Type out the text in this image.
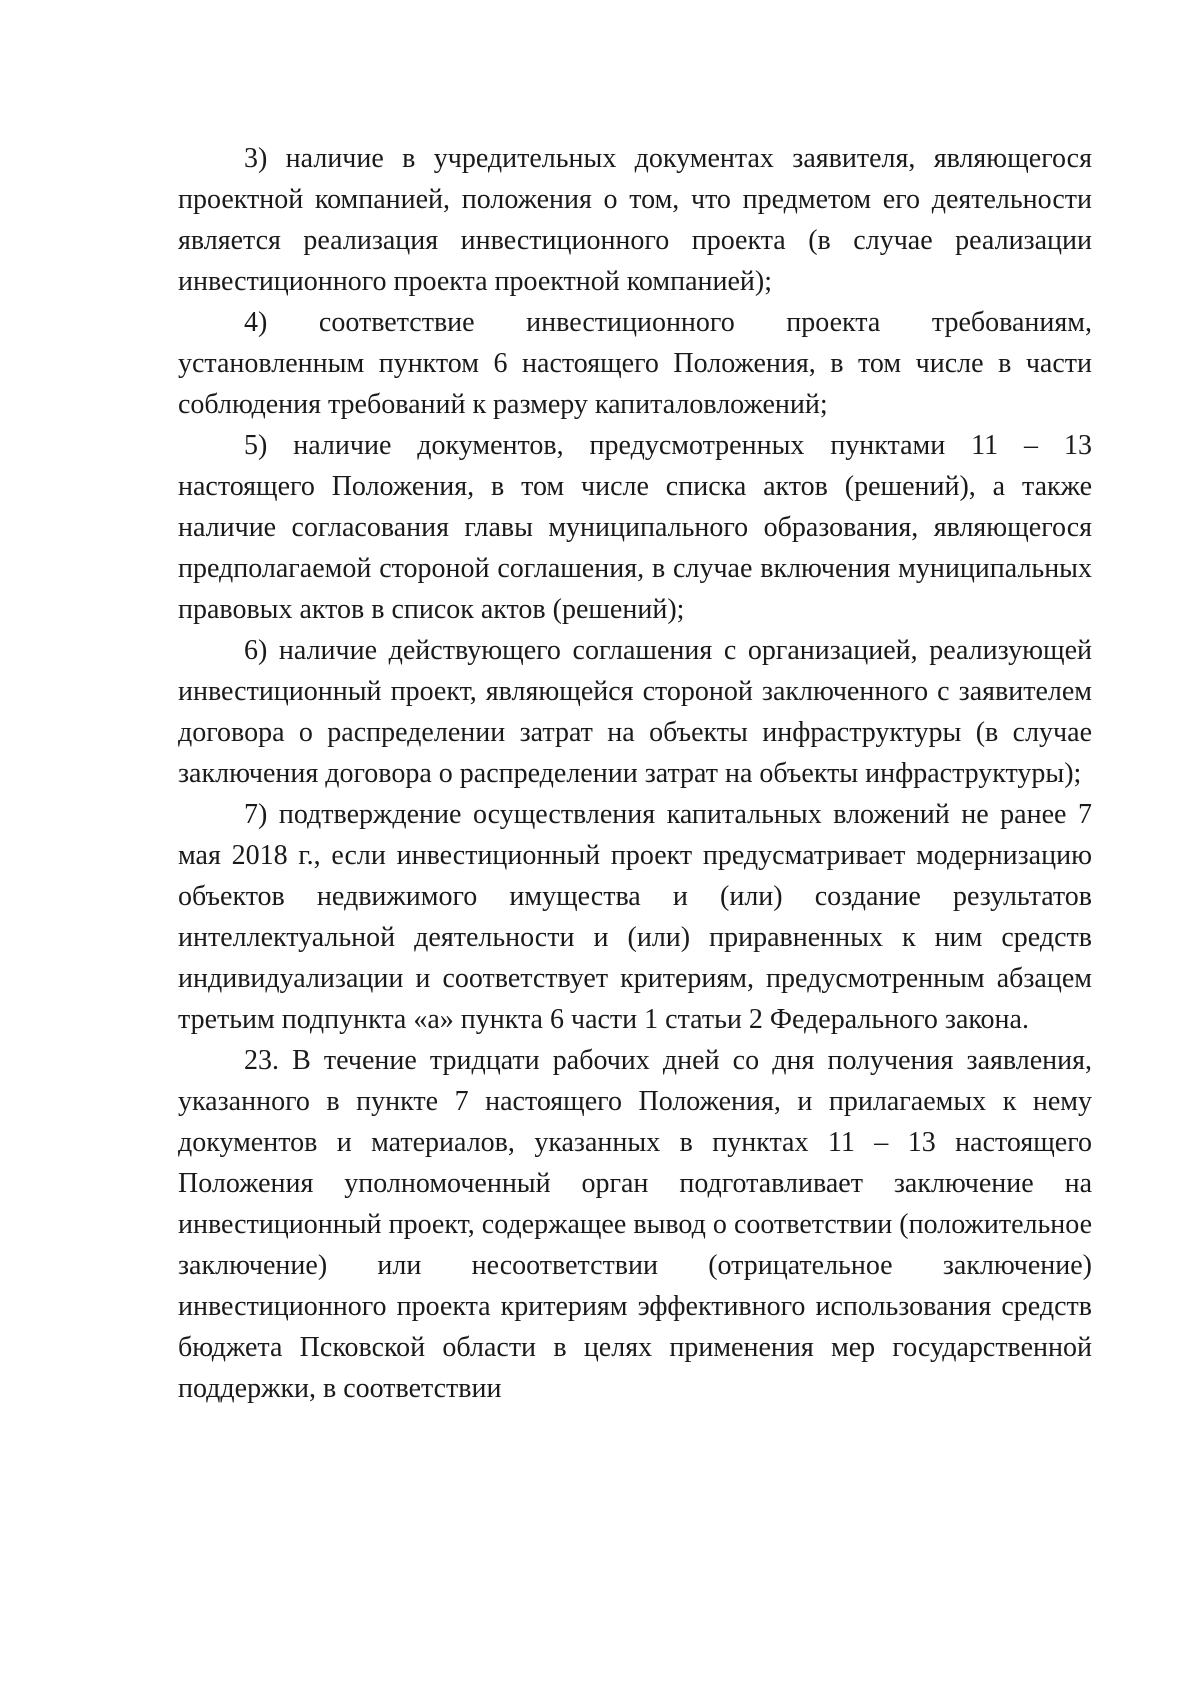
3) наличие в учредительных документах заявителя, являющегося проектной компанией, положения о том, что предметом его деятельности является реализация инвестиционного проекта (в случае реализации инвестиционного проекта проектной компанией);

4) соответствие инвестиционного проекта требованиям, установленным пунктом 6 настоящего Положения, в том числе в части соблюдения требований к размеру капиталовложений;

5) наличие документов, предусмотренных пунктами 11 – 13 настоящего Положения, в том числе списка актов (решений), а также наличие согласования главы муниципального образования, являющегося предполагаемой стороной соглашения, в случае включения муниципальных правовых актов в список актов (решений);

6) наличие действующего соглашения с организацией, реализующей инвестиционный проект, являющейся стороной заключенного с заявителем договора о распределении затрат на объекты инфраструктуры (в случае заключения договора о распределении затрат на объекты инфраструктуры);

7) подтверждение осуществления капитальных вложений не ранее 7 мая 2018 г., если инвестиционный проект предусматривает модернизацию объектов недвижимого имущества и (или) создание результатов интеллектуальной деятельности и (или) приравненных к ним средств индивидуализации и соответствует критериям, предусмотренным абзацем третьим подпункта «а» пункта 6 части 1 статьи 2 Федерального закона.

23. В течение тридцати рабочих дней со дня получения заявления, указанного в пункте 7 настоящего Положения, и прилагаемых к нему документов и материалов, указанных в пунктах 11 – 13 настоящего Положения уполномоченный орган подготавливает заключение на инвестиционный проект, содержащее вывод о соответствии (положительное заключение) или несоответствии (отрицательное заключение) инвестиционного проекта критериям эффективного использования средств бюджета Псковской области в целях применения мер государственной поддержки, в соответствии
